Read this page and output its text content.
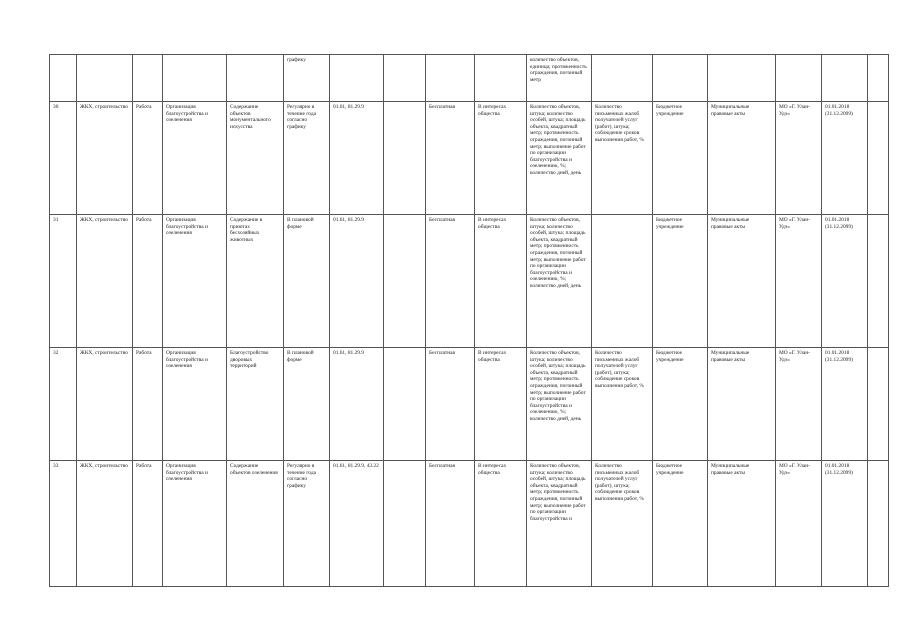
					графику					количество объектов, единица; протяженность ограждения, погонный метр						

30	ЖКХ, строительство	Работа	Организация благоустройства и озеленения	Содержание объектов монументального искусства	Регулярно в течение года согласно графику	01.61, 81.29.9		Бесплатная	В интересах общества	Количество объектов, штука; количество особей, штука; площадь объекта, квадратный метр; протяженность ограждения, погонный метр; выполнение работ по организации благоустройства и озеленению, %; количество дней, день	Количество письменных жалоб получателей услуг (работ), штука; соблюдение сроков выполнения работ, %	Бюджетное учреждение	Муниципальные правовые акты	МО «Г. Улан-Удэ»	01.01.2018 (31.12.2099)	

31	ЖКХ, строительство	Работа	Организация благоустройства и озеленения	Содержание в приютах бесхозяйных животных	В плановой форме	01.61, 81.29.9		Бесплатная	В интересах общества	Количество объектов, штука; количество особей, штука; площадь объекта, квадратный метр; протяженность ограждения, погонный метр; выполнение работ по организации благоустройства и озеленению, %; количество дней, день		Бюджетное учреждение	Муниципальные правовые акты	МО «Г. Улан-Удэ»	01.01.2018 (31.12.2099)	

32	ЖКХ, строительство	Работа	Организация благоустройства и озеленения	Благоустройство дворовых территорий	В плановой форме	01.61, 81.29.9		Бесплатная	В интересах общества	Количество объектов, штука; количество особей, штука; площадь объекта, квадратный метр; протяженность ограждения, погонный метр; выполнение работ по организации благоустройства и озеленению, %; количество дней, день	Количество письменных жалоб получателей услуг (работ), штука; соблюдение сроков выполнения работ, %	Бюджетное учреждение	Муниципальные правовые акты	МО «Г. Улан-Удэ»	01.01.2018 (31.12.2099)	

33	ЖКХ, строительство	Работа	Организация благоустройства и озеленения	Содержание объектов озеленения	Регулярно в течение года согласно графику	01.61, 81.29.9, 43.22		Бесплатная	В интересах общества	Количество объектов, штука; количество особей, штука; площадь объекта, квадратный метр; протяженность ограждения, погонный метр; выполнение работ по организации благоустройства и	Количество письменных жалоб получателей услуг (работ), штука; соблюдение сроков выполнения работ, %	Бюджетное учреждение	Муниципальные правовые акты	МО «Г. Улан-Удэ»	01.01.2018 (31.12.2099)	
